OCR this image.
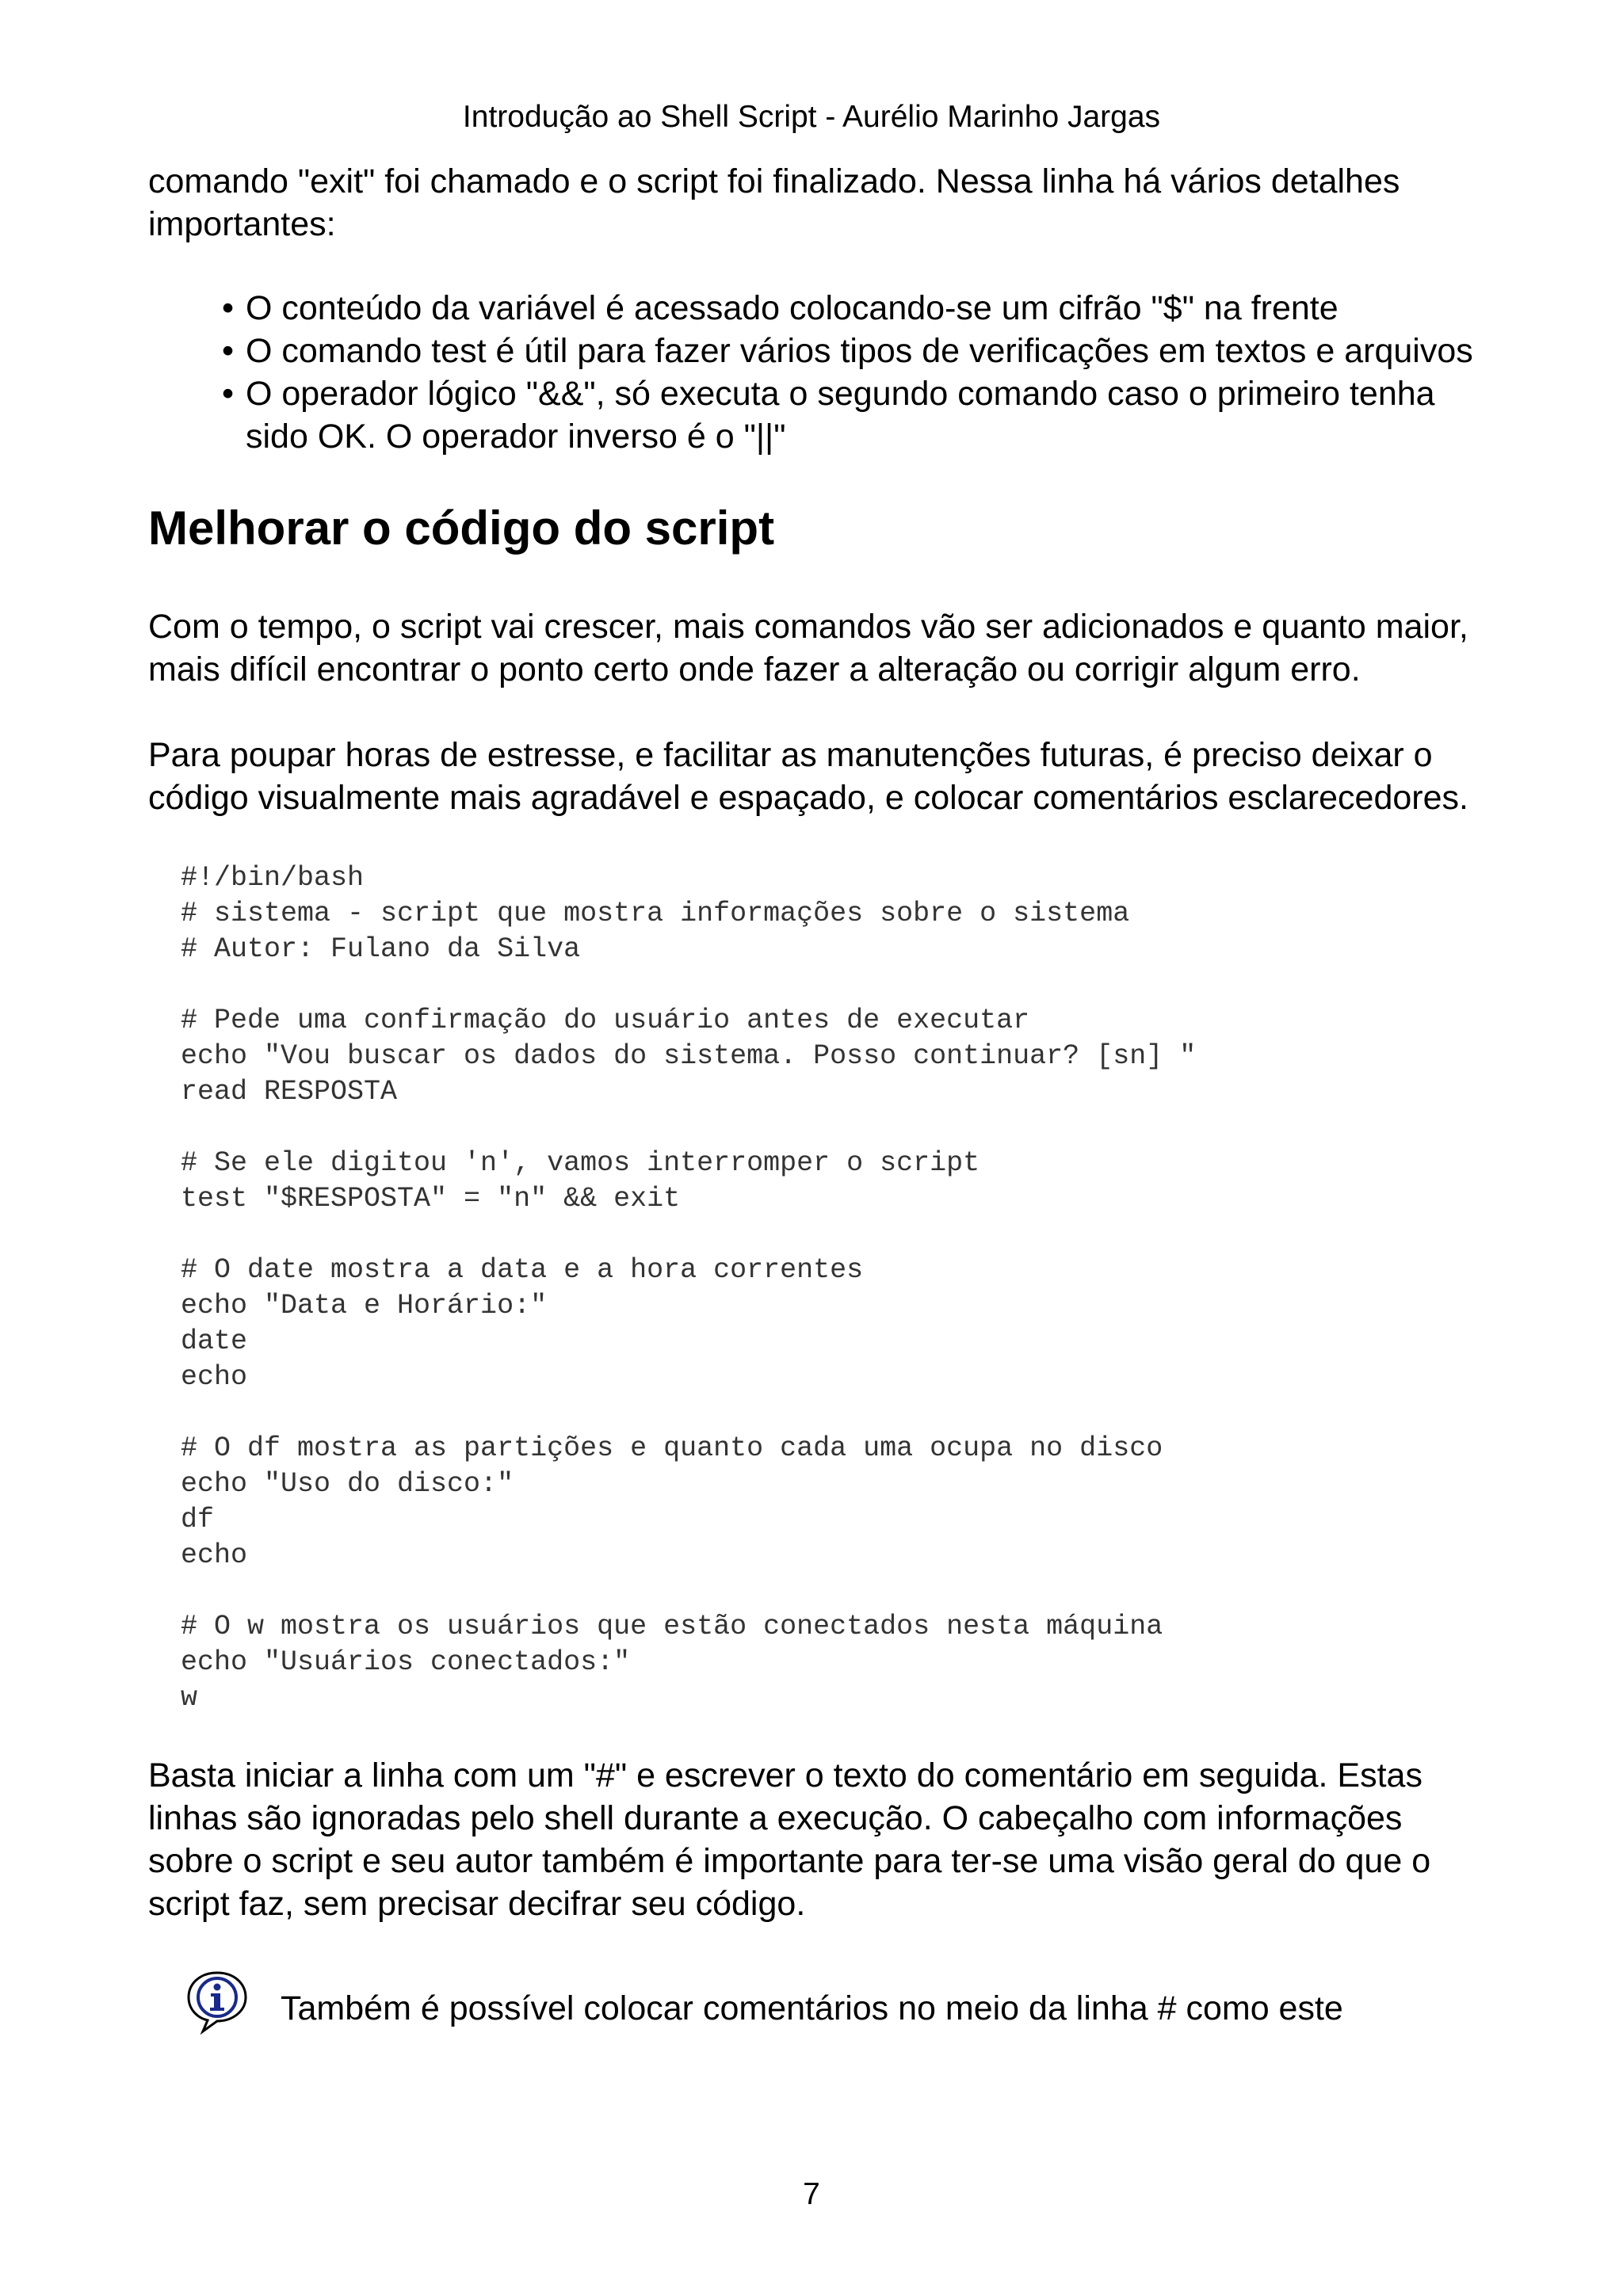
Introdução ao Shell Script - Aurélio Marinho Jargas

comando "exit" foi chamado e o script foi finalizado. Nessa linha há vários detalhes importantes:

• O conteúdo da variável é acessado colocando-se um cifrão "$" na frente
• O comando test é útil para fazer vários tipos de verificações em textos e arquivos
• O operador lógico "&&", só executa o segundo comando caso o primeiro tenha sido OK. O operador inverso é o "||"
Melhorar o código do script

Com o tempo, o script vai crescer, mais comandos vão ser adicionados e quanto maior, mais difícil encontrar o ponto certo onde fazer a alteração ou corrigir algum erro.

Para poupar horas de estresse, e facilitar as manutenções futuras, é preciso deixar o código visualmente mais agradável e espaçado, e colocar comentários esclarecedores.

#!/bin/bash
# sistema - script que mostra informações sobre o sistema
# Autor: Fulano da Silva
# Pede uma confirmação do usuário antes de executar
echo "Vou buscar os dados do sistema. Posso continuar? [sn] "
read RESPOSTA
# Se ele digitou 'n', vamos interromper o script
test "$RESPOSTA" = "n" && exit
# O date mostra a data e a hora correntes
echo "Data e Horário:"
date
echo
# O df mostra as partições e quanto cada uma ocupa no disco
echo "Uso do disco:"
df
echo
# O w mostra os usuários que estão conectados nesta máquina
echo "Usuários conectados:"
w

Basta iniciar a linha com um "#" e escrever o texto do comentário em seguida. Estas linhas são ignoradas pelo shell durante a execução. O cabeçalho com informações sobre o script e seu autor também é importante para ter-se uma visão geral do que o script faz, sem precisar decifrar seu código.

Também é possível colocar comentários no meio da linha # como este
7
